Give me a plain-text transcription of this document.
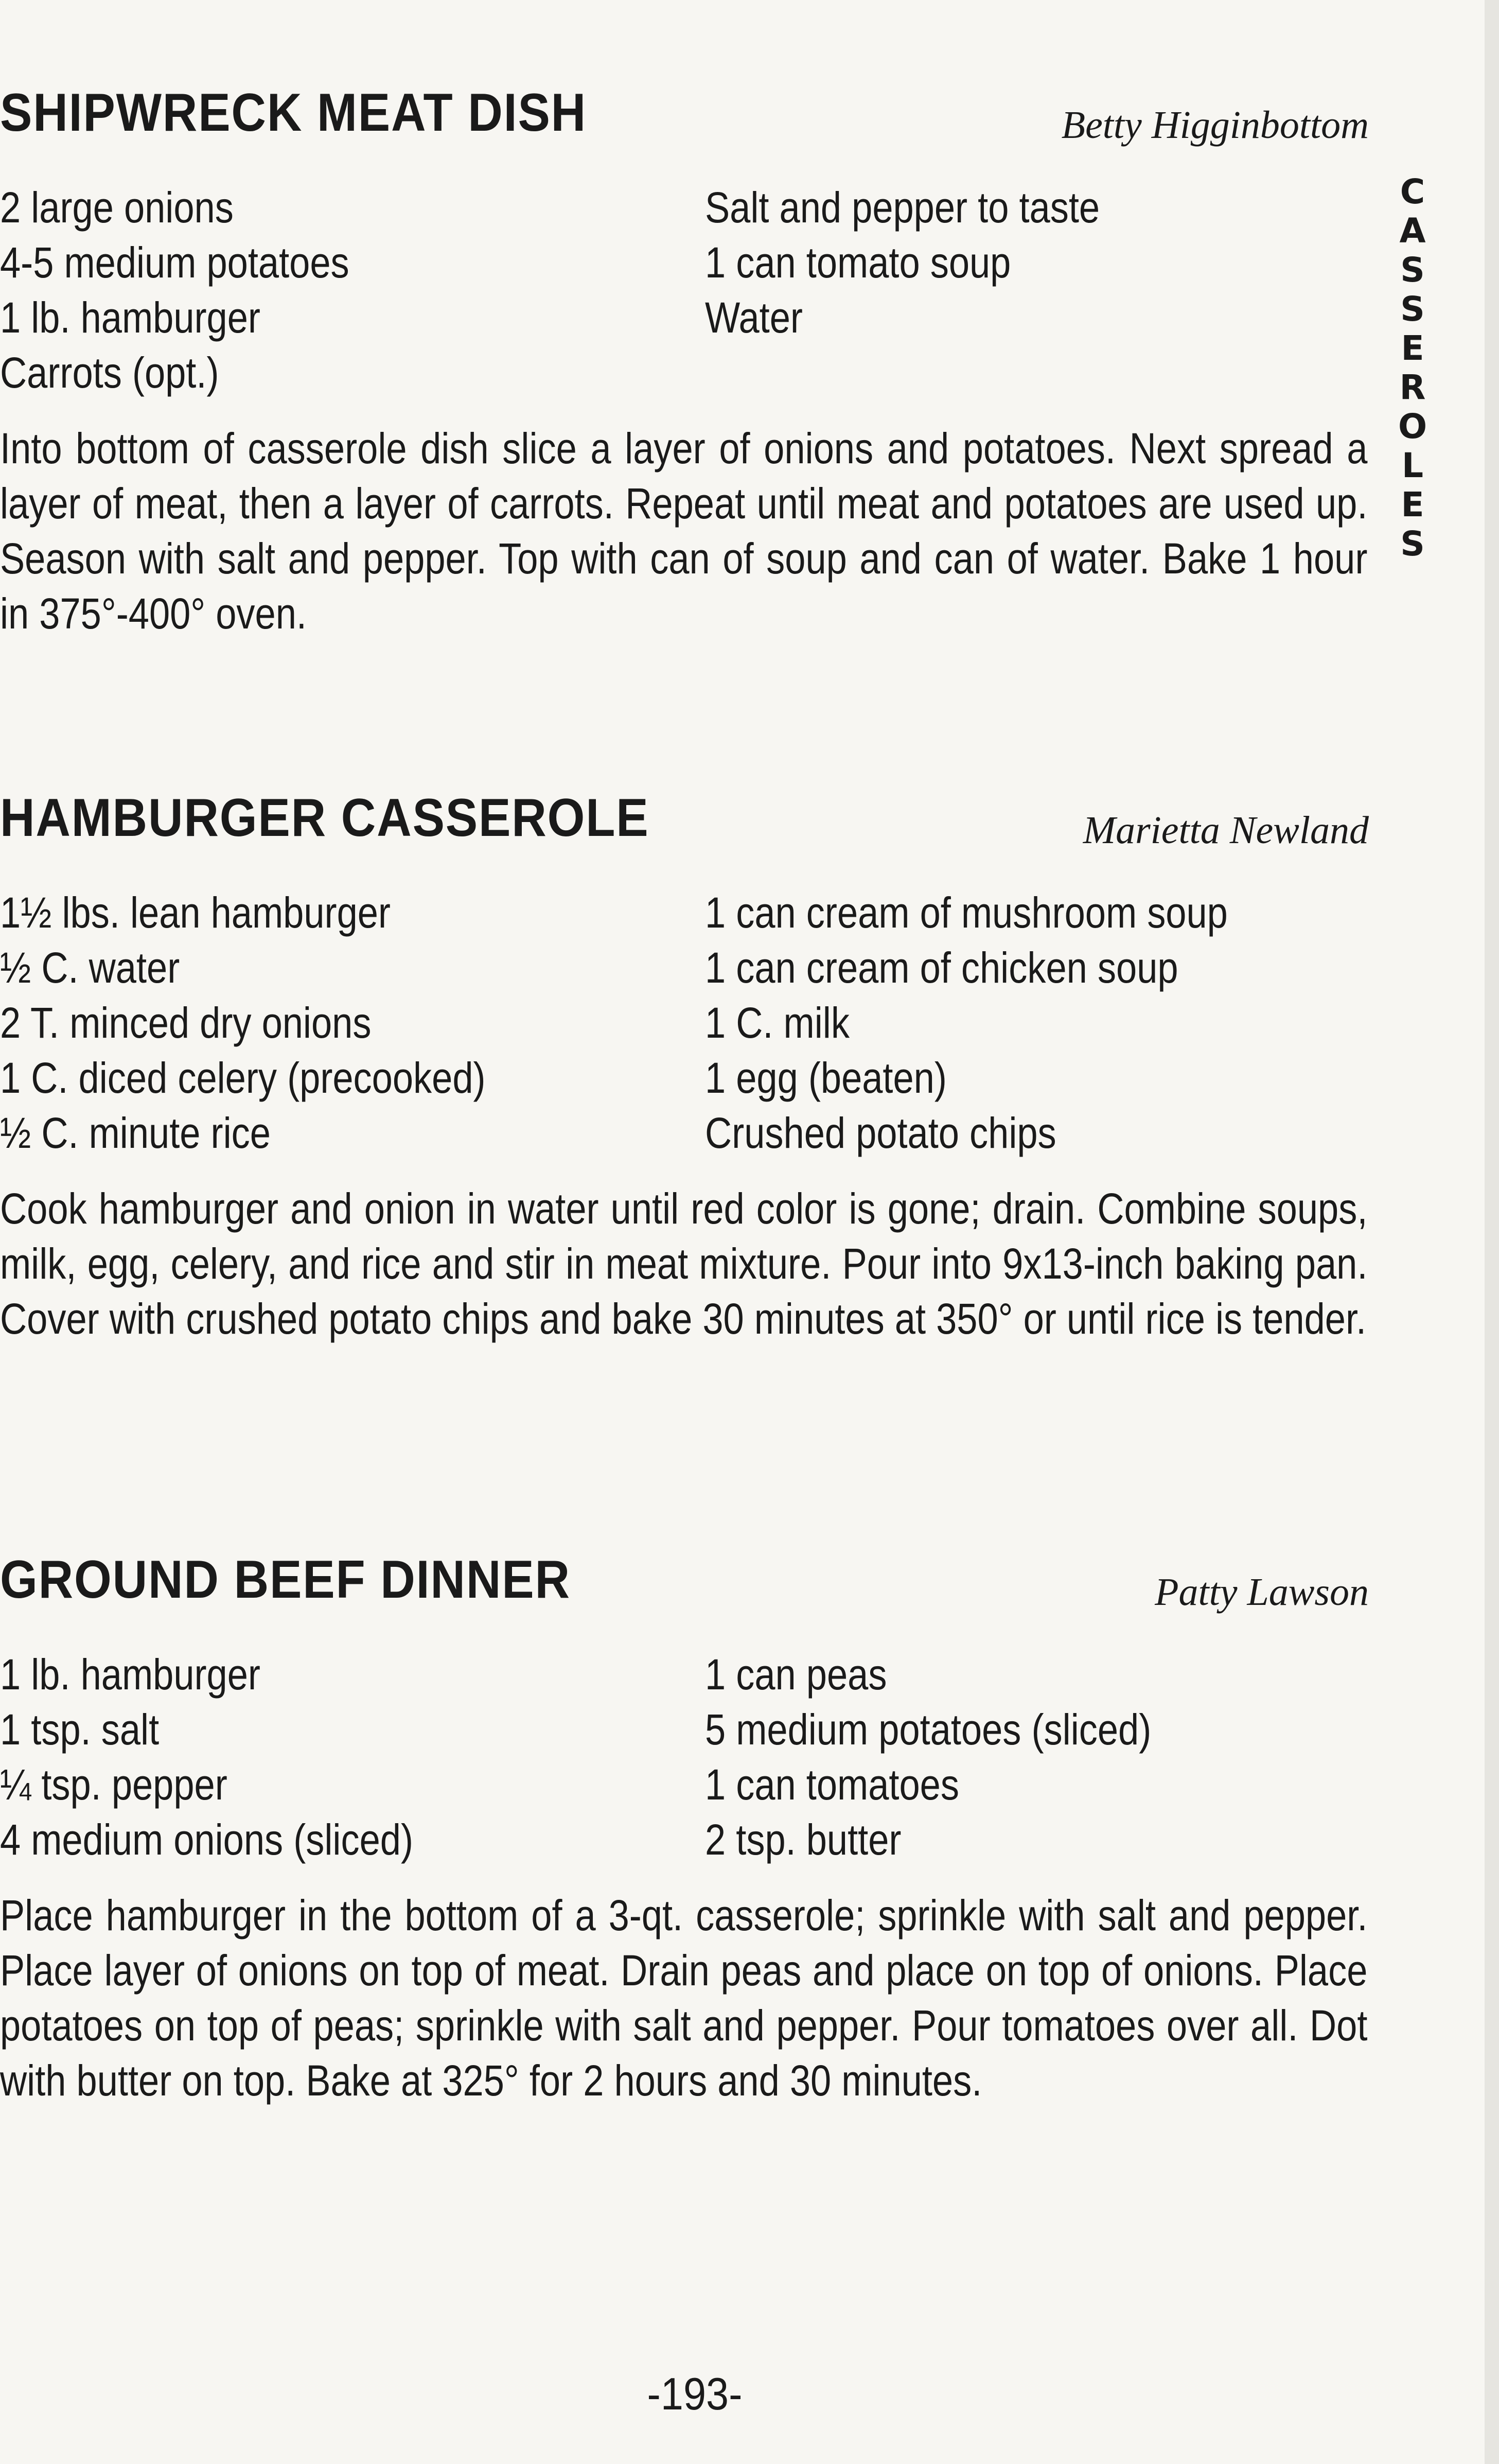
SHIPWRECK MEAT DISH	Betty Higginbottom
2 large onions
4-5 medium potatoes
1 lb. hamburger
Carrots (opt.)
Salt and pepper to taste
1 can tomato soup
Water

Into bottom of casserole dish slice a layer of onions and potatoes. Next spread a layer of meat, then a layer of carrots. Repeat until meat and potatoes are used up. Season with salt and pepper. Top with can of soup and can of water. Bake 1 hour in 375°-400° oven.

HAMBURGER CASSEROLE	Marietta Newland
1½ lbs. lean hamburger
½ C. water
2 T. minced dry onions
1 C. diced celery (precooked)
½ C. minute rice
1 can cream of mushroom soup
1 can cream of chicken soup
1 C. milk
1 egg (beaten)
Crushed potato chips

Cook hamburger and onion in water until red color is gone; drain. Combine soups, milk, egg, celery, and rice and stir in meat mixture. Pour into 9x13-inch baking pan. Cover with crushed potato chips and bake 30 minutes at 350° or until rice is tender.

GROUND BEEF DINNER	Patty Lawson
1 lb. hamburger
1 tsp. salt
¼ tsp. pepper
4 medium onions (sliced)
1 can peas
5 medium potatoes (sliced)
1 can tomatoes
2 tsp. butter

Place hamburger in the bottom of a 3-qt. casserole; sprinkle with salt and pepper. Place layer of onions on top of meat. Drain peas and place on top of onions. Place potatoes on top of peas; sprinkle with salt and pepper. Pour tomatoes over all. Dot with butter on top. Bake at 325° for 2 hours and 30 minutes.

C
A
S
S
E
R
O
L
E
S
-193-
